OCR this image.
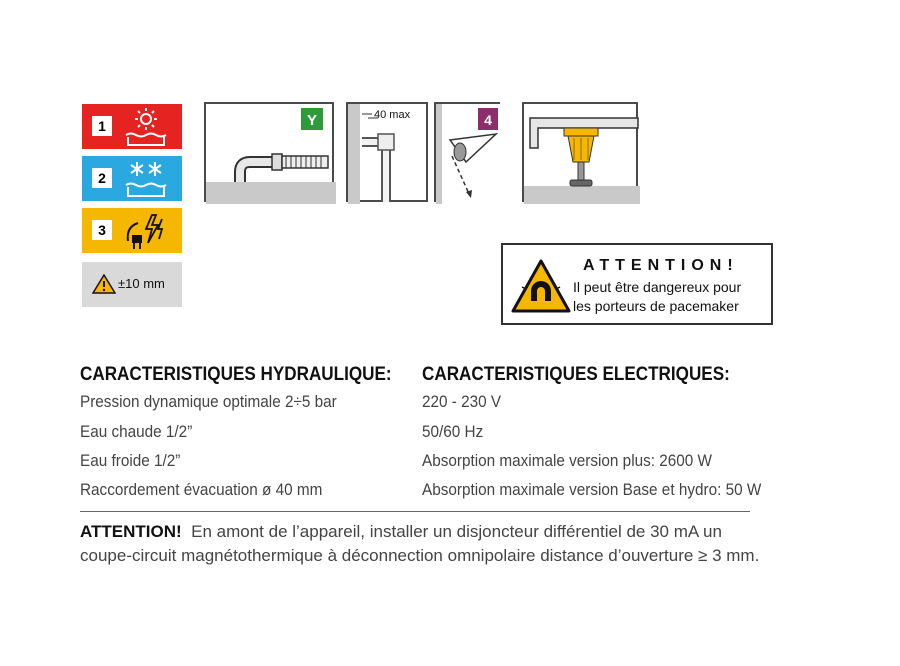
1
2
3
±10 mm
Y	40 max	4
ATTENTION!
Il peut être dangereux pour
les porteurs de pacemaker
CARACTERISTIQUES HYDRAULIQUE:
Pression dynamique optimale 2÷5 bar
Eau chaude 1/2”
Eau froide 1/2”
Raccordement évacuation ø 40 mm
CARACTERISTIQUES ELECTRIQUES:
220 - 230 V
50/60 Hz
Absorption maximale version plus: 2600 W
Absorption maximale version Base et hydro: 50 W
ATTENTION! En amont de l’appareil, installer un disjoncteur différentiel de 30 mA un coupe-circuit magnétothermique à déconnection omnipolaire distance d’ouverture ≥ 3 mm.
